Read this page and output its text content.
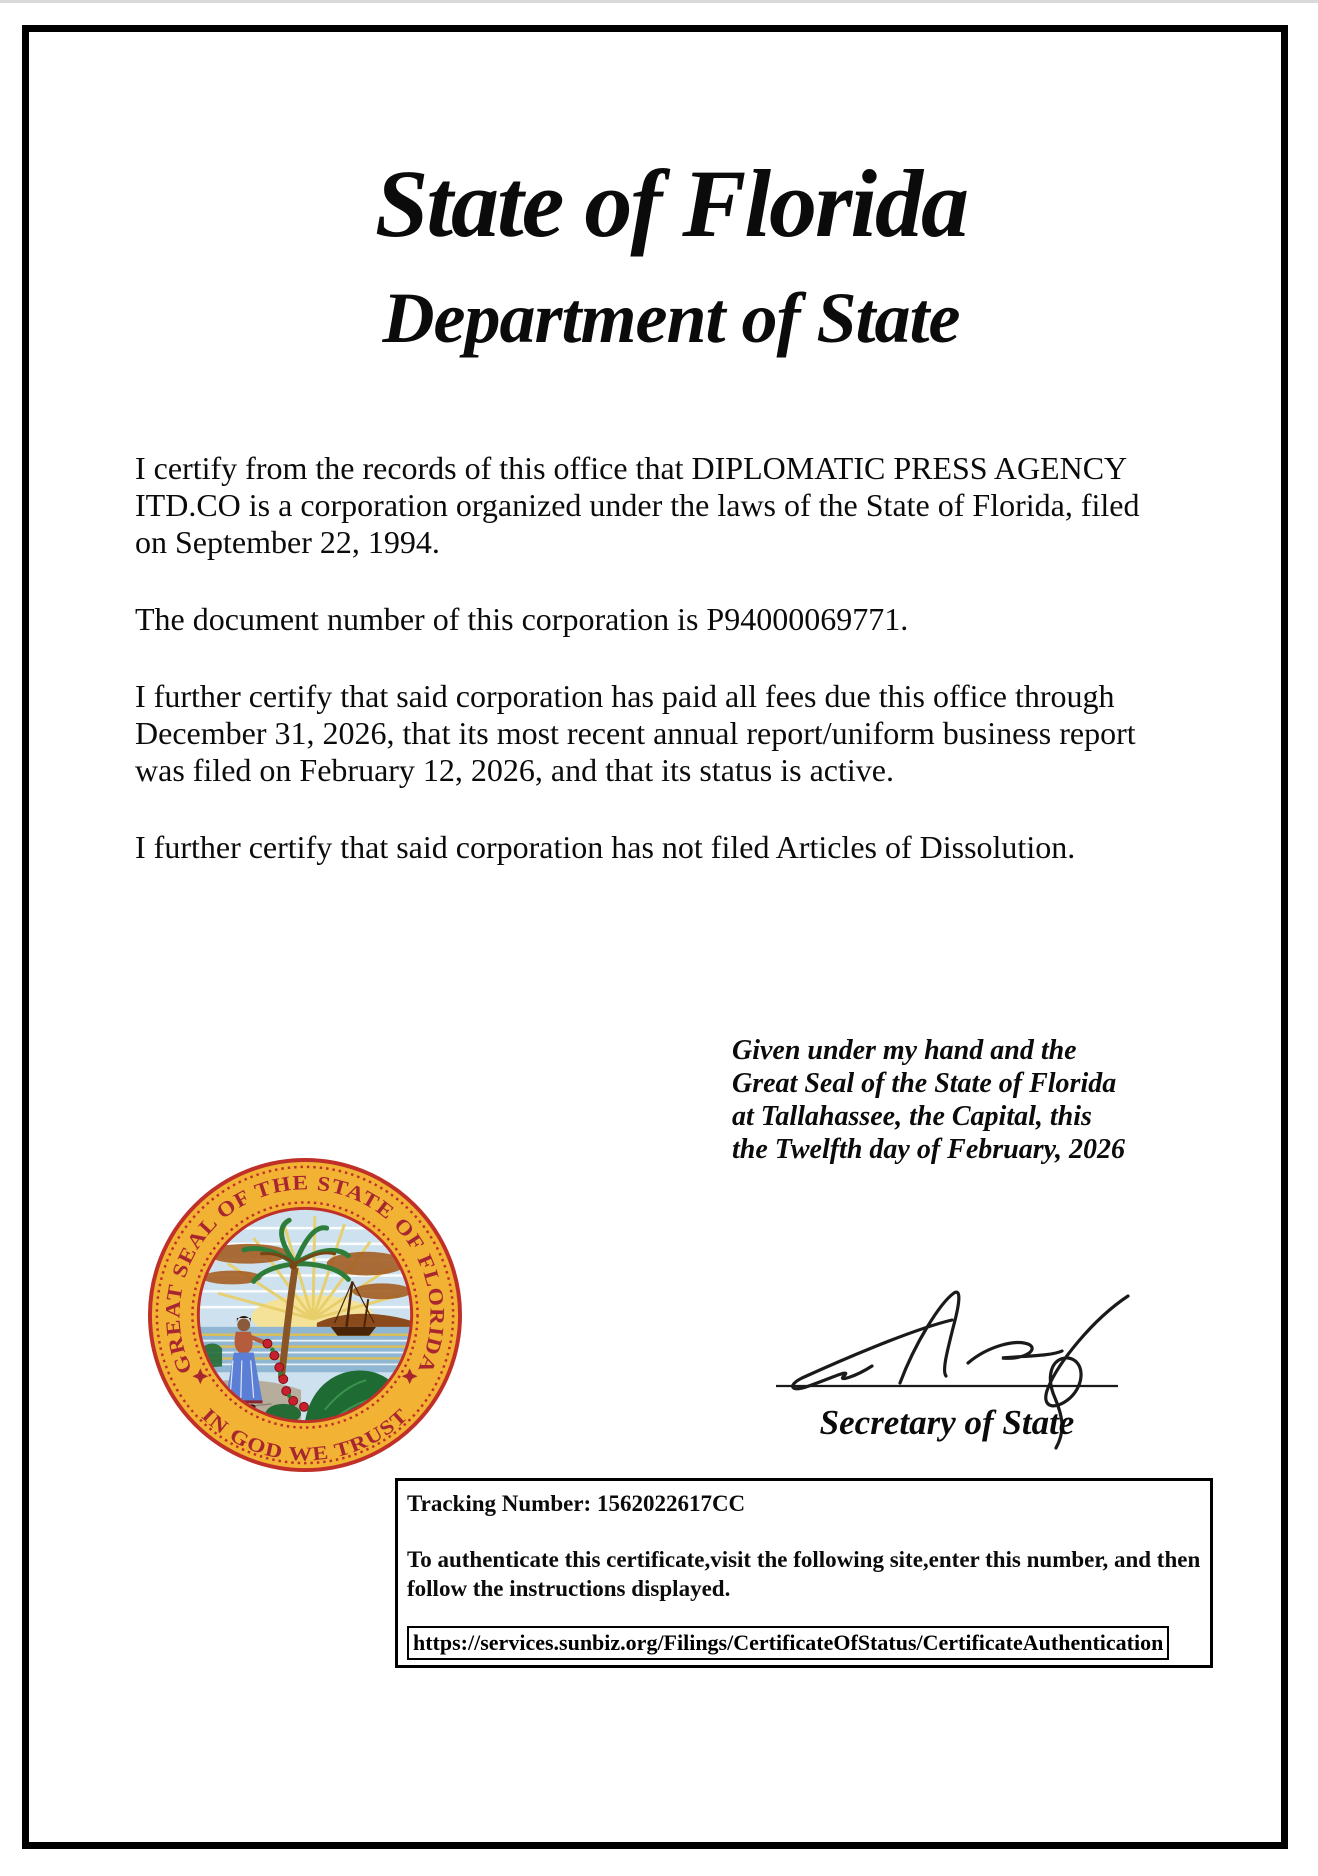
State of Florida
Department of State
I certify from the records of this office that DIPLOMATIC PRESS AGENCY
ITD.CO is a corporation organized under the laws of the State of Florida, filed
on September 22, 1994.
The document number of this corporation is P94000069771.
I further certify that said corporation has paid all fees due this office through
December 31, 2026, that its most recent annual report/uniform business report
was filed on February 12, 2026, and that its status is active.
I further certify that said corporation has not filed Articles of Dissolution.
Given under my hand and the
Great Seal of the State of Florida
at Tallahassee, the Capital, this
the Twelfth day of February, 2026
GREAT SEAL OF THE STATE OF FLORIDA
IN GOD WE TRUST	Secretary of State
Tracking Number: 1562022617CC
To authenticate this certificate,visit the following site,enter this number, and then
follow the instructions displayed.
https://services.sunbiz.org/Filings/CertificateOfStatus/CertificateAuthentication
